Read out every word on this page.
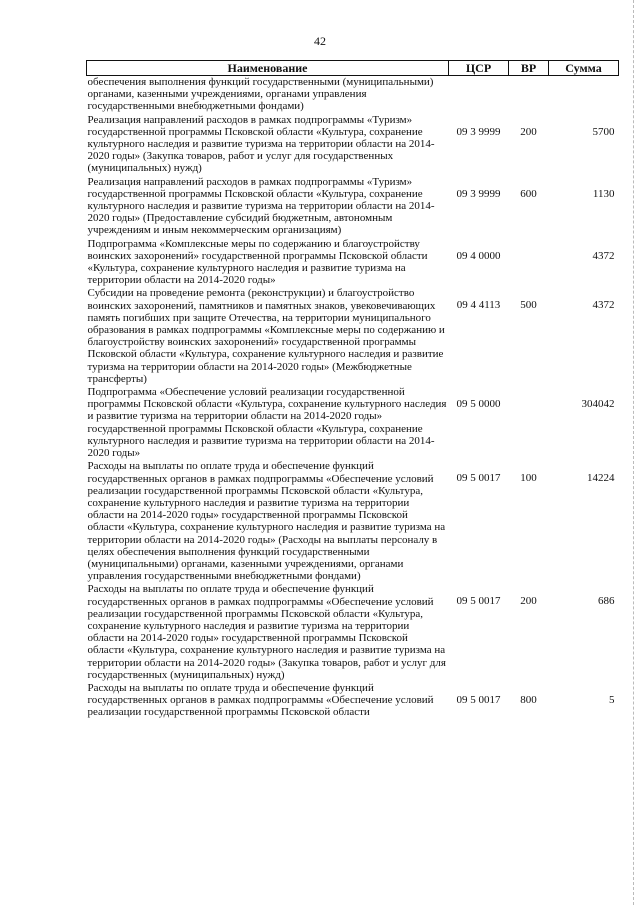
42
Наименование	ЦСР	ВР	Сумма
обеспечения выполнения функций государственными (муниципальными) органами, казенными учреждениями, органами управления государственными внебюджетными фондами)			
Реализация направлений расходов в рамках подпрограммы «Туризм» государственной программы Псковской области «Культура, сохранение культурного наследия и развитие туризма на территории области на 2014-2020 годы» (Закупка товаров, работ и услуг для государственных (муниципальных) нужд)	09 3 9999	200	5700
Реализация направлений расходов в рамках подпрограммы «Туризм» государственной программы Псковской области «Культура, сохранение культурного наследия и развитие туризма на территории области на 2014-2020 годы» (Предоставление субсидий бюджетным, автономным учреждениям и иным некоммерческим организациям)	09 3 9999	600	1130
Подпрограмма «Комплексные меры по содержанию и благоустройству воинских захоронений» государственной программы Псковской области «Культура, сохранение культурного наследия и развитие туризма на территории области на 2014-2020 годы»	09 4 0000		4372
Субсидии на проведение ремонта (реконструкции) и благоустройство воинских захоронений, памятников и памятных знаков, увековечивающих память погибших при защите Отечества, на территории муниципального образования в рамках подпрограммы «Комплексные меры по содержанию и благоустройству воинских захоронений» государственной программы Псковской области «Культура, сохранение культурного наследия и развитие туризма на территории области на 2014-2020 годы» (Межбюджетные трансферты)	09 4 4113	500	4372
Подпрограмма «Обеспечение условий реализации государственной программы Псковской области «Культура, сохранение культурного наследия и развитие туризма на территории области на 2014-2020 годы» государственной программы Псковской области «Культура, сохранение культурного наследия и развитие туризма на территории области на 2014-2020 годы»	09 5 0000		304042
Расходы на выплаты по оплате труда и обеспечение функций государственных органов в рамках подпрограммы «Обеспечение условий реализации государственной программы Псковской области «Культура, сохранение культурного наследия и развитие туризма на территории области на 2014-2020 годы» государственной программы Псковской области «Культура, сохранение культурного наследия и развитие туризма на территории области на 2014-2020 годы» (Расходы на выплаты персоналу в целях обеспечения выполнения функций государственными (муниципальными) органами, казенными учреждениями, органами управления государственными внебюджетными фондами)	09 5 0017	100	14224
Расходы на выплаты по оплате труда и обеспечение функций государственных органов в рамках подпрограммы «Обеспечение условий реализации государственной программы Псковской области «Культура, сохранение культурного наследия и развитие туризма на территории области на 2014-2020 годы» государственной программы Псковской области «Культура, сохранение культурного наследия и развитие туризма на территории области на 2014-2020 годы» (Закупка товаров, работ и услуг для государственных (муниципальных) нужд)	09 5 0017	200	686
Расходы на выплаты по оплате труда и обеспечение функций государственных органов в рамках подпрограммы «Обеспечение условий реализации государственной программы Псковской области	09 5 0017	800	5
